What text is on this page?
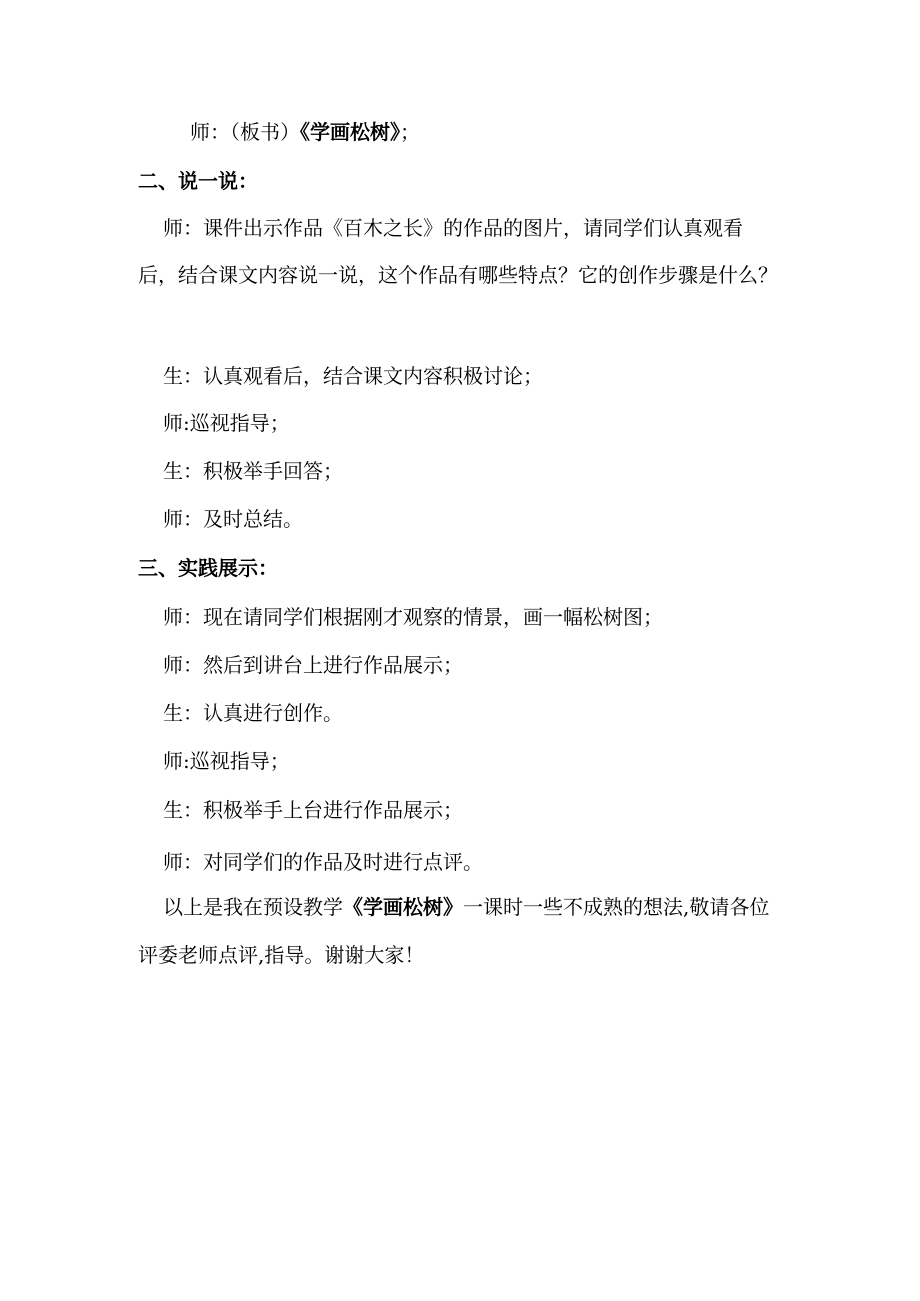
师：（板书）《学画松树》；
二、说一说：
师：课件出示作品《百木之长》的作品的图片，请同学们认真观看后，结合课文内容说一说，这个作品有哪些特点？它的创作步骤是什么？
生：认真观看后，结合课文内容积极讨论；
师:巡视指导；
生：积极举手回答；
师：及时总结。
三、实践展示：
师：现在请同学们根据刚才观察的情景，画一幅松树图；
师：然后到讲台上进行作品展示；
生：认真进行创作。
师:巡视指导；
生：积极举手上台进行作品展示；
师：对同学们的作品及时进行点评。
以上是我在预设教学《学画松树》一课时一些不成熟的想法,敬请各位评委老师点评,指导。谢谢大家！
